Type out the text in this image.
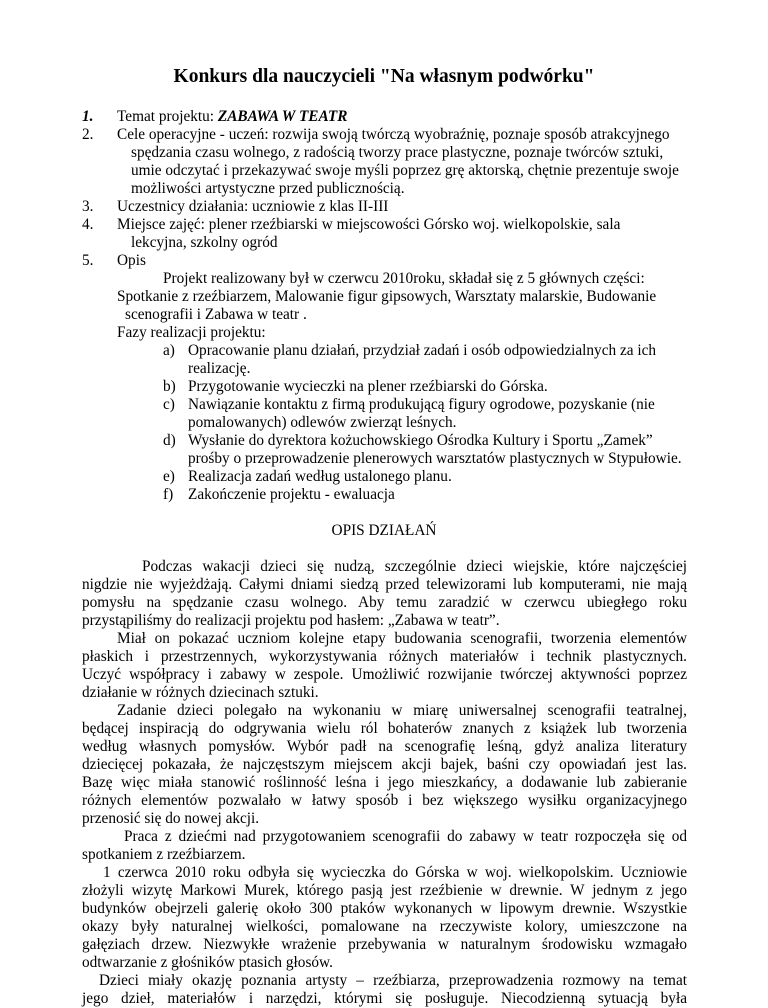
Konkurs dla nauczycieli "Na własnym podwórku"
1. Temat projektu: ZABAWA W TEATR
2. Cele operacyjne - uczeń: rozwija swoją twórczą wyobraźnię, poznaje sposób atrakcyjnego
spędzania czasu wolnego, z radością tworzy prace plastyczne, poznaje twórców sztuki,
umie odczytać i przekazywać swoje myśli poprzez grę aktorską, chętnie prezentuje swoje
możliwości artystyczne przed publicznością.
3. Uczestnicy działania: uczniowie z klas II-III
4. Miejsce zajęć: plener rzeźbiarski w miejscowości Górsko woj. wielkopolskie, sala
lekcyjna, szkolny ogród
5. Opis
Projekt realizowany był w czerwcu 2010roku, składał się z 5 głównych części:
Spotkanie z rzeźbiarzem, Malowanie figur gipsowych, Warsztaty malarskie, Budowanie
scenografii i Zabawa w teatr .
Fazy realizacji projektu:
a) Opracowanie planu działań, przydział zadań i osób odpowiedzialnych za ich
realizację.
b) Przygotowanie wycieczki na plener rzeźbiarski do Górska.
c) Nawiązanie kontaktu z firmą produkującą figury ogrodowe, pozyskanie (nie
pomalowanych) odlewów zwierząt leśnych.
d) Wysłanie do dyrektora kożuchowskiego Ośrodka Kultury i Sportu „Zamek”
prośby o przeprowadzenie plenerowych warsztatów plastycznych w Stypułowie.
e) Realizacja zadań według ustalonego planu.
f) Zakończenie projektu - ewaluacja
OPIS DZIAŁAŃ
Podczas wakacji dzieci się nudzą, szczególnie dzieci wiejskie, które najczęściej
nigdzie nie wyjeżdżają. Całymi dniami siedzą przed telewizorami lub komputerami, nie mają
pomysłu na spędzanie czasu wolnego. Aby temu zaradzić w czerwcu ubiegłego roku
przystąpiliśmy do realizacji projektu pod hasłem: „Zabawa w teatr”.
Miał on pokazać uczniom kolejne etapy budowania scenografii, tworzenia elementów
płaskich i przestrzennych, wykorzystywania różnych materiałów i technik plastycznych.
Uczyć współpracy i zabawy w zespole. Umożliwić rozwijanie twórczej aktywności poprzez
działanie w różnych dziecinach sztuki.
Zadanie dzieci polegało na wykonaniu w miarę uniwersalnej scenografii teatralnej,
będącej inspiracją do odgrywania wielu ról bohaterów znanych z książek lub tworzenia
według własnych pomysłów. Wybór padł na scenografię leśną, gdyż analiza literatury
dziecięcej pokazała, że najczęstszym miejscem akcji bajek, baśni czy opowiadań jest las.
Bazę więc miała stanowić roślinność leśna i jego mieszkańcy, a dodawanie lub zabieranie
różnych elementów pozwalało w łatwy sposób i bez większego wysiłku organizacyjnego
przenosić się do nowej akcji.
Praca z dziećmi nad przygotowaniem scenografii do zabawy w teatr rozpoczęła się od
spotkaniem z rzeźbiarzem.
1 czerwca 2010 roku odbyła się wycieczka do Górska w woj. wielkopolskim. Uczniowie
złożyli wizytę Markowi Murek, którego pasją jest rzeźbienie w drewnie. W jednym z jego
budynków obejrzeli galerię około 300 ptaków wykonanych w lipowym drewnie. Wszystkie
okazy były naturalnej wielkości, pomalowane na rzeczywiste kolory, umieszczone na
gałęziach drzew. Niezwykłe wrażenie przebywania w naturalnym środowisku wzmagało
odtwarzanie z głośników ptasich głosów.
Dzieci miały okazję poznania artysty – rzeźbiarza, przeprowadzenia rozmowy na temat
jego dzieł, materiałów i narzędzi, którymi się posługuje. Niecodzienną sytuacją była
